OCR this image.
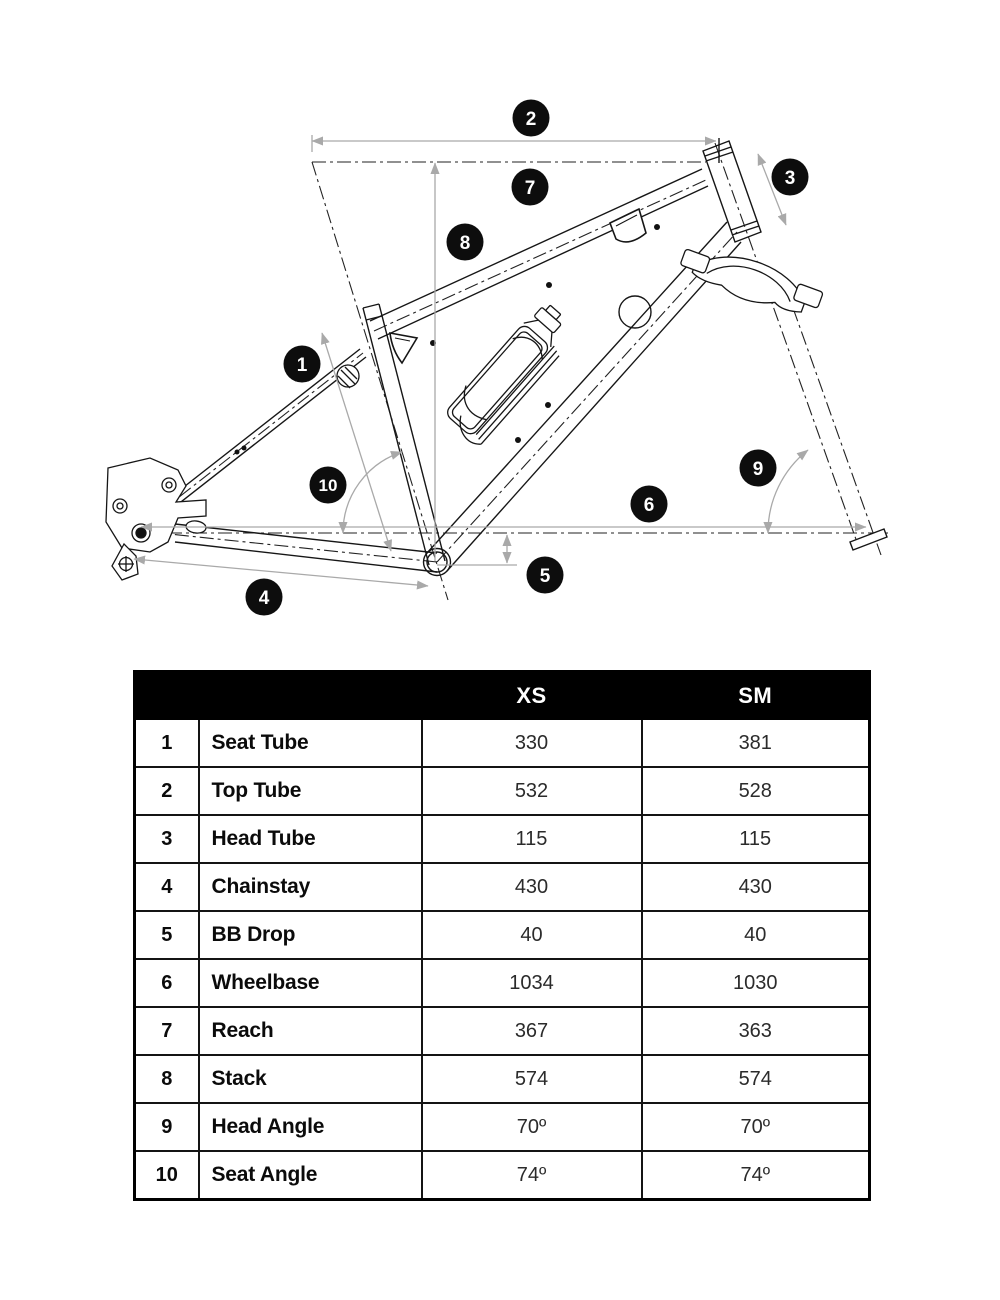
1
2
3
4
5
6
7
8
9
10
		XS	SM
1	Seat Tube	330	381
2	Top Tube	532	528
3	Head Tube	115	115
4	Chainstay	430	430
5	BB Drop	40	40
6	Wheelbase	1034	1030
7	Reach	367	363
8	Stack	574	574
9	Head Angle	70º	70º
10	Seat Angle	74º	74º
